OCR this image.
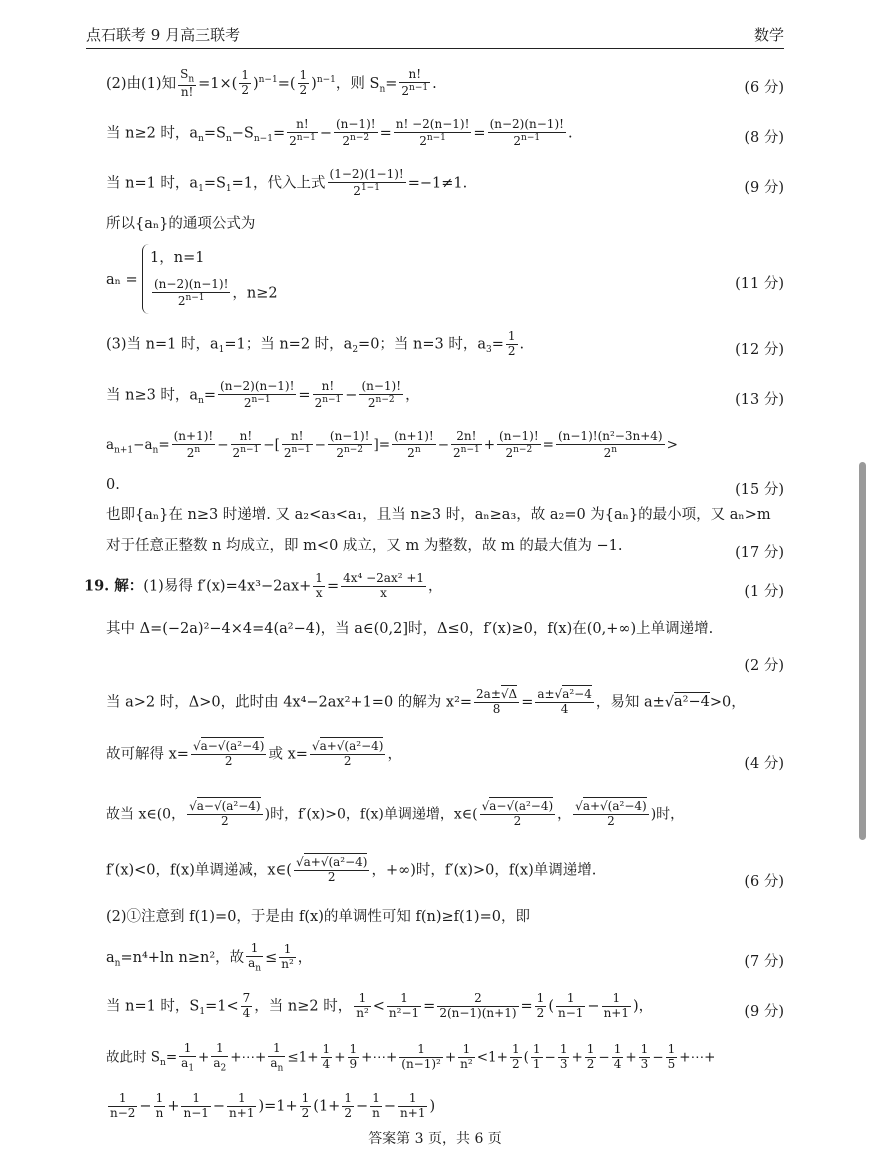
点石联考 9 月高三联考	数学
(2)由(1)知 $\frac{S_n}{n!} =1\times( \frac{1}{2} )^{n-1}=( \frac{1}{2} )^{n-1}$，则 $S_n= \frac{n!}{2^{n-1}}$ .	(6 分)
当 n≥2 时，$a_n=S_n-S_{n-1}= \frac{n!}{2^{n-1}} - \frac{(n-1)!}{2^{n-2}} = \frac{n! -2(n-1)!}{2^{n-1}} = \frac{(n-2)(n-1)!}{2^{n-1}}$ .	(8 分)
当 n=1 时，$a_1=S_1=1$，代入上式 $\frac{(1-2)(1-1)!}{2^{1-1}} =-1\ne 1$.	(9 分)
所以{aₙ}的通项公式为
aₙ =
1，n=1
$\frac{(n-2)(n-1)!}{2^{n-1}}$ ，n≥2
(11 分)
(3)当 n=1 时，$a_1=1$；当 n=2 时，$a_2=0$；当 n=3 时，$a_3= \frac{1}{2}$ .	(12 分)
当 n≥3 时，$a_n= \frac{(n-2)(n-1)!}{2^{n-1}} = \frac{n!}{2^{n-1}} - \frac{(n-1)!}{2^{n-2}}$ ，	(13 分)
$a_{n+1}-a_n= \frac{(n+1)!}{2^n} - \frac{n!}{2^{n-1}}$ −[ $\frac{n!}{2^{n-1}} - \frac{(n-1)!}{2^{n-2}}$ ]= $\frac{(n+1)!}{2^n} - \frac{2n!}{2^{n-1}} + \frac{(n-1)!}{2^{n-2}} = \frac{\text{(n−1)!(n²−3n+4)}}{2^n}$ >
0.	(15 分)
也即{aₙ}在 n≥3 时递增. 又 a₂<a₃<a₁，且当 n≥3 时，aₙ≥a₃，故 a₂=0 为{aₙ}的最小项，又 aₙ>m 对于任意正整数 n 均成立，即 m<0 成立，又 m 为整数，故 m 的最大值为 −1.	(17 分)
19. 解：(1)易得 $f'(x)=4x^3-2ax+ \frac{1}{x} = \frac{\text{4x⁴ −2ax² +1}}{x}$ ，	(1 分)
其中 Δ=(−2a)²−4×4=4(a²−4)，当 a∈(0,2]时，Δ≤0，f′(x)≥0，f(x)在(0,+∞)上单调递增.
(2 分)
当 a>2 时，Δ>0，此时由 4x⁴−2ax²+1=0 的解为 $x^2= \frac{2a\pm√\Delta}{8} = \frac{\text{a±√a²−4}}{4}$ ，易知 a±√a²−4>0，
故可解得 $x= \frac{\text{√a−√(a²−4)}}{2}$ 或 $x= \frac{\text{√a+√(a²−4)}}{2}$ ，
(4 分)
故当 x∈(0， $\frac{\text{√a−√(a²−4)}}{2}$ )时，f′(x)>0，f(x)单调递增，x∈( $\frac{\text{√a−√(a²−4)}}{2}$ ， $\frac{\text{√a+√(a²−4)}}{2}$ )时，
f′(x)<0，f(x)单调递减，x∈( $\frac{\text{√a+√(a²−4)}}{2}$ ，+∞)时，f′(x)>0，f(x)单调递增.
(6 分)
(2)①注意到 f(1)=0，于是由 f(x)的单调性可知 f(n)≥f(1)=0，即
$a_n=n^4+\ln$ n≥n²，故 $\frac{1}{a_n} \le \frac{1}{\text{n²}}$ ，	(7 分)
当 n=1 时，$S_1=1< \frac{7}{4}$ ，当 n≥2 时， $\frac{1}{\text{n²}} < \frac{1}{\text{n²−1}} = \frac{2}{2(n-1)(n+1)} = \frac{1}{2}$ ( $\frac{1}{n-1} - \frac{1}{n+1}$ )，	(9 分)
故此时 $S_n= \frac{1}{a_1} + \frac{1}{a_2}$ +⋯+ $\frac{1}{a_n} \le 1+ \frac{1}{4} + \frac{1}{9}$ +⋯+ $\frac{1}{\text{(n−1)²}} + \frac{1}{\text{n²}} <1+ \frac{1}{2}$ ( $\frac{1}{1} - \frac{1}{3} + \frac{1}{2} - \frac{1}{4} + \frac{1}{3} - \frac{1}{5}$ +⋯+
$\frac{1}{n-2} - \frac{1}{n} + \frac{1}{n-1} - \frac{1}{n+1} )=1+ \frac{1}{2} (1+ \frac{1}{2} - \frac{1}{n} - \frac{1}{n+1}$ )
答案第 3 页，共 6 页
